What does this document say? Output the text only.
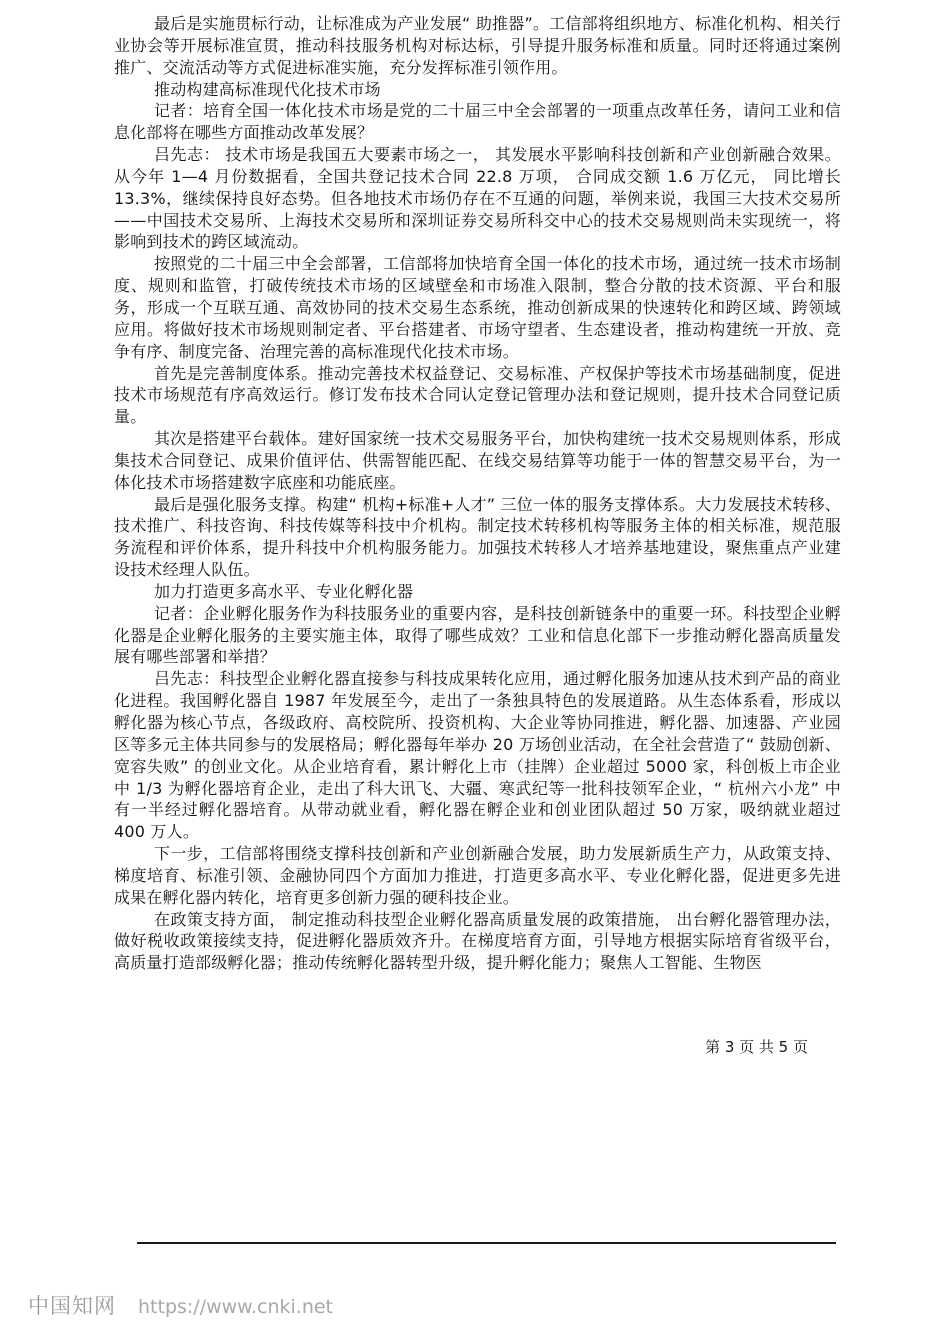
最后是实施贯标行动，让标准成为产业发展“ 助推器”。工信部将组织地方、标准化机构、相关行业协会等开展标准宣贯，推动科技服务机构对标达标，引导提升服务标准和质量。同时还将通过案例推广、交流活动等方式促进标准实施，充分发挥标准引领作用。

推动构建高标准现代化技术市场

记者：培育全国一体化技术市场是党的二十届三中全会部署的一项重点改革任务，请问工业和信息化部将在哪些方面推动改革发展？

吕先志： 技术市场是我国五大要素市场之一， 其发展水平影响科技创新和产业创新融合效果。从今年 1—4 月份数据看，全国共登记技术合同 22.8 万项， 合同成交额 1.6 万亿元， 同比增长 13.3%，继续保持良好态势。但各地技术市场仍存在不互通的问题，举例来说，我国三大技术交易所——中国技术交易所、上海技术交易所和深圳证券交易所科交中心的技术交易规则尚未实现统一，将影响到技术的跨区域流动。

按照党的二十届三中全会部署，工信部将加快培育全国一体化的技术市场，通过统一技术市场制度、规则和监管，打破传统技术市场的区域壁垒和市场准入限制，整合分散的技术资源、平台和服务，形成一个互联互通、高效协同的技术交易生态系统，推动创新成果的快速转化和跨区域、跨领域应用。将做好技术市场规则制定者、平台搭建者、市场守望者、生态建设者，推动构建统一开放、竞争有序、制度完备、治理完善的高标准现代化技术市场。

首先是完善制度体系。推动完善技术权益登记、交易标准、产权保护等技术市场基础制度，促进技术市场规范有序高效运行。修订发布技术合同认定登记管理办法和登记规则，提升技术合同登记质量。

其次是搭建平台载体。建好国家统一技术交易服务平台，加快构建统一技术交易规则体系，形成集技术合同登记、成果价值评估、供需智能匹配、在线交易结算等功能于一体的智慧交易平台，为一体化技术市场搭建数字底座和功能底座。

最后是强化服务支撑。构建“ 机构+标准+人才” 三位一体的服务支撑体系。大力发展技术转移、技术推广、科技咨询、科技传媒等科技中介机构。制定技术转移机构等服务主体的相关标准，规范服务流程和评价体系，提升科技中介机构服务能力。加强技术转移人才培养基地建设，聚焦重点产业建设技术经理人队伍。

加力打造更多高水平、专业化孵化器

记者：企业孵化服务作为科技服务业的重要内容，是科技创新链条中的重要一环。科技型企业孵化器是企业孵化服务的主要实施主体，取得了哪些成效？工业和信息化部下一步推动孵化器高质量发展有哪些部署和举措？

吕先志：科技型企业孵化器直接参与科技成果转化应用，通过孵化服务加速从技术到产品的商业化进程。我国孵化器自 1987 年发展至今，走出了一条独具特色的发展道路。从生态体系看，形成以孵化器为核心节点，各级政府、高校院所、投资机构、大企业等协同推进，孵化器、加速器、产业园区等多元主体共同参与的发展格局；孵化器每年举办 20 万场创业活动，在全社会营造了“ 鼓励创新、宽容失败” 的创业文化。从企业培育看，累计孵化上市（挂牌）企业超过 5000 家，科创板上市企业中 1/3 为孵化器培育企业，走出了科大讯飞、大疆、寒武纪等一批科技领军企业，“ 杭州六小龙” 中有一半经过孵化器培育。从带动就业看，孵化器在孵企业和创业团队超过 50 万家，吸纳就业超过 400 万人。

下一步，工信部将围绕支撑科技创新和产业创新融合发展，助力发展新质生产力，从政策支持、梯度培育、标准引领、金融协同四个方面加力推进，打造更多高水平、专业化孵化器，促进更多先进成果在孵化器内转化，培育更多创新力强的硬科技企业。

在政策支持方面， 制定推动科技型企业孵化器高质量发展的政策措施， 出台孵化器管理办法，做好税收政策接续支持，促进孵化器质效齐升。在梯度培育方面，引导地方根据实际培育省级平台，高质量打造部级孵化器；推动传统孵化器转型升级，提升孵化能力；聚焦人工智能、生物医

第 3 页 共 5 页
中国知网 https://www.cnki.net
